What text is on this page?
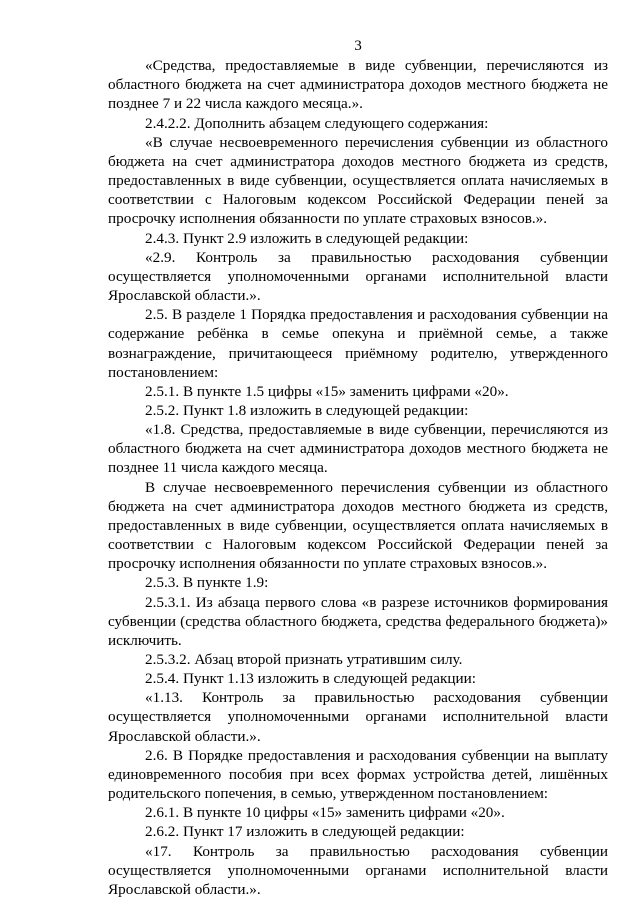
3

«Средства, предоставляемые в виде субвенции, перечисляются из областного бюджета на счет администратора доходов местного бюджета не позднее 7 и 22 числа каждого месяца.».

2.4.2.2. Дополнить абзацем следующего содержания:

«В случае несвоевременного перечисления субвенции из областного бюджета на счет администратора доходов местного бюджета из средств, предоставленных в виде субвенции, осуществляется оплата начисляемых в соответствии с Налоговым кодексом Российской Федерации пеней за просрочку исполнения обязанности по уплате страховых взносов.».

2.4.3. Пункт 2.9 изложить в следующей редакции:

«2.9. Контроль за правильностью расходования субвенции осуществляется уполномоченными органами исполнительной власти Ярославской области.».

2.5. В разделе 1 Порядка предоставления и расходования субвенции на содержание ребёнка в семье опекуна и приёмной семье, а также вознаграждение, причитающееся приёмному родителю, утвержденного постановлением:

2.5.1. В пункте 1.5 цифры «15» заменить цифрами «20».

2.5.2. Пункт 1.8 изложить в следующей редакции:

«1.8. Средства, предоставляемые в виде субвенции, перечисляются из областного бюджета на счет администратора доходов местного бюджета не позднее 11 числа каждого месяца.

В случае несвоевременного перечисления субвенции из областного бюджета на счет администратора доходов местного бюджета из средств, предоставленных в виде субвенции, осуществляется оплата начисляемых в соответствии с Налоговым кодексом Российской Федерации пеней за просрочку исполнения обязанности по уплате страховых взносов.».

2.5.3. В пункте 1.9:

2.5.3.1. Из абзаца первого слова «в разрезе источников формирования субвенции (средства областного бюджета, средства федерального бюджета)» исключить.

2.5.3.2. Абзац второй признать утратившим силу.

2.5.4. Пункт 1.13 изложить в следующей редакции:

«1.13. Контроль за правильностью расходования субвенции осуществляется уполномоченными органами исполнительной власти Ярославской области.».

2.6. В Порядке предоставления и расходования субвенции на выплату единовременного пособия при всех формах устройства детей, лишённых родительского попечения, в семью, утвержденном постановлением:

2.6.1. В пункте 10 цифры «15» заменить цифрами «20».

2.6.2. Пункт 17 изложить в следующей редакции:

«17. Контроль за правильностью расходования субвенции осуществляется уполномоченными органами исполнительной власти Ярославской области.».
